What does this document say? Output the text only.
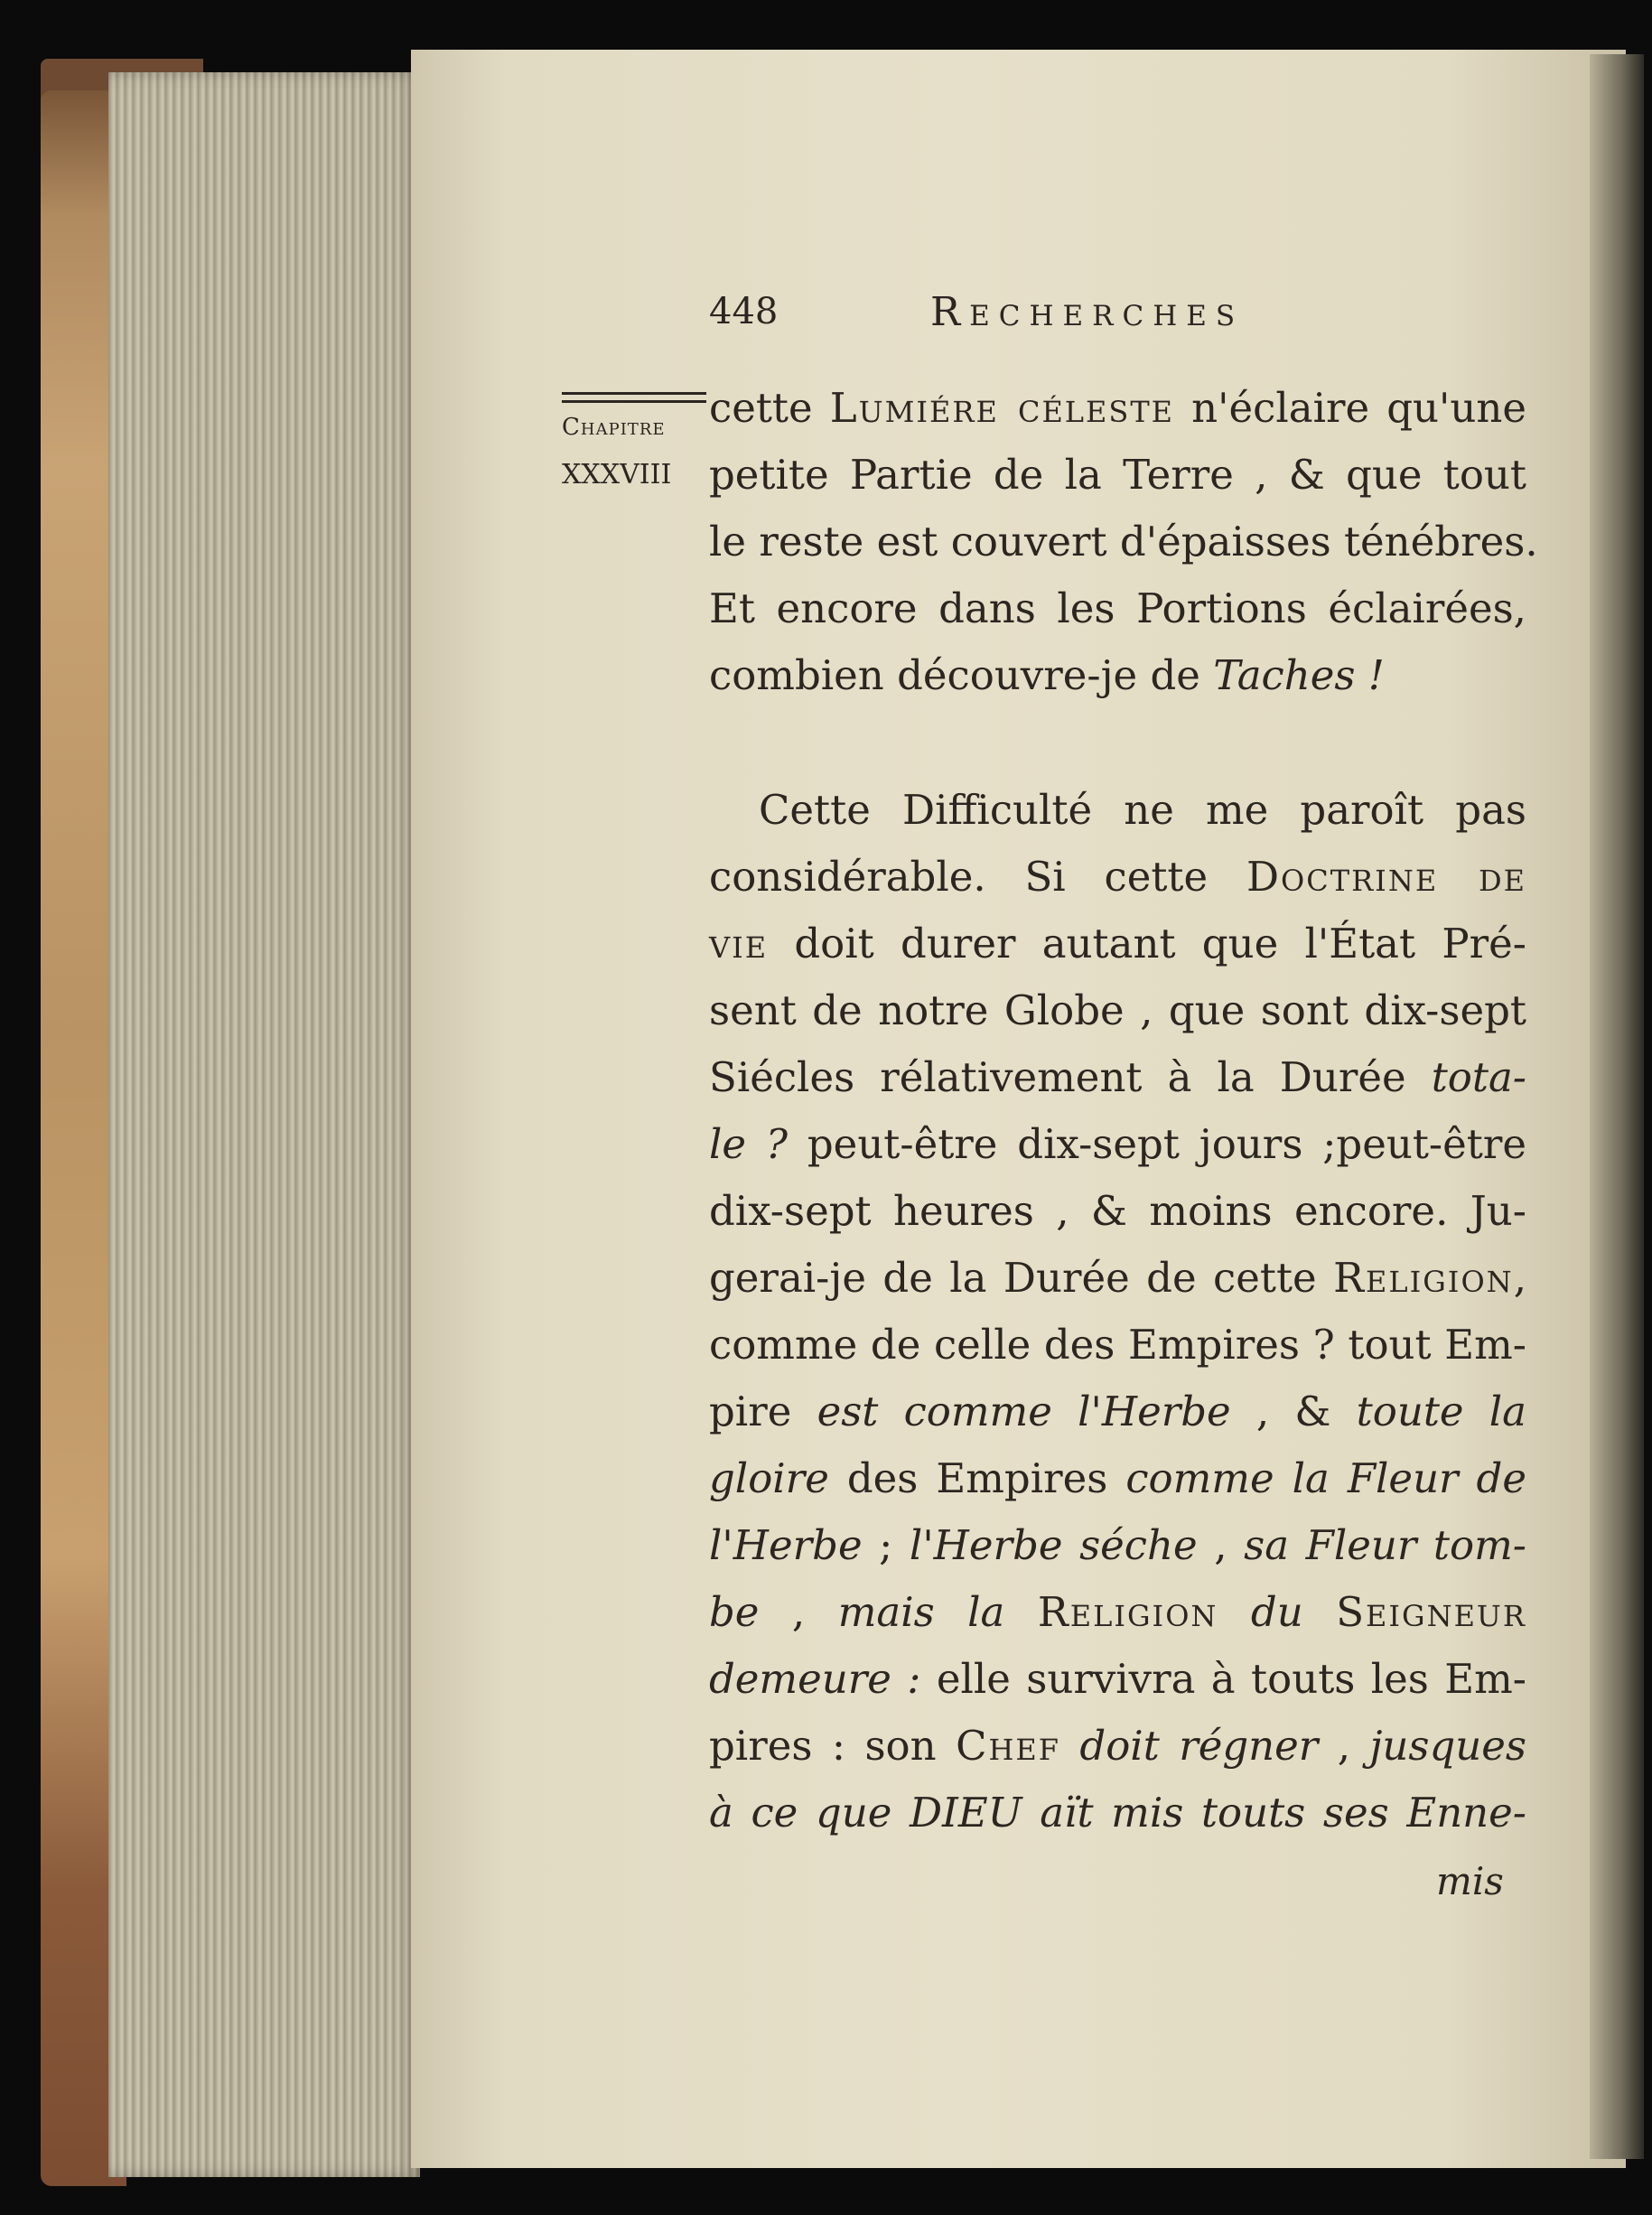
448	Recherches
Chapitre
XXXVIII
cette Lumiére céleste n'éclaire qu'une
petite Partie de la Terre , & que tout
le reste est couvert d'épaisses ténébres.
Et encore dans les Portions éclairées,
combien découvre-je de Taches !
Cette Difficulté ne me paroît pas
considérable. Si cette Doctrine de
vie doit durer autant que l'État Pré-
sent de notre Globe , que sont dix-sept
Siécles rélativement à la Durée tota-
le ? peut-être dix-sept jours ;peut-être
dix-sept heures , & moins encore. Ju-
gerai-je de la Durée de cette Religion,
comme de celle des Empires ? tout Em-
pire est comme l'Herbe , & toute la
gloire des Empires comme la Fleur de
l'Herbe ; l'Herbe séche , sa Fleur tom-
be , mais la Religion du Seigneur
demeure : elle survivra à touts les Em-
pires : son Chef doit régner , jusques
à ce que DIEU aït mis touts ses Enne-
mis
